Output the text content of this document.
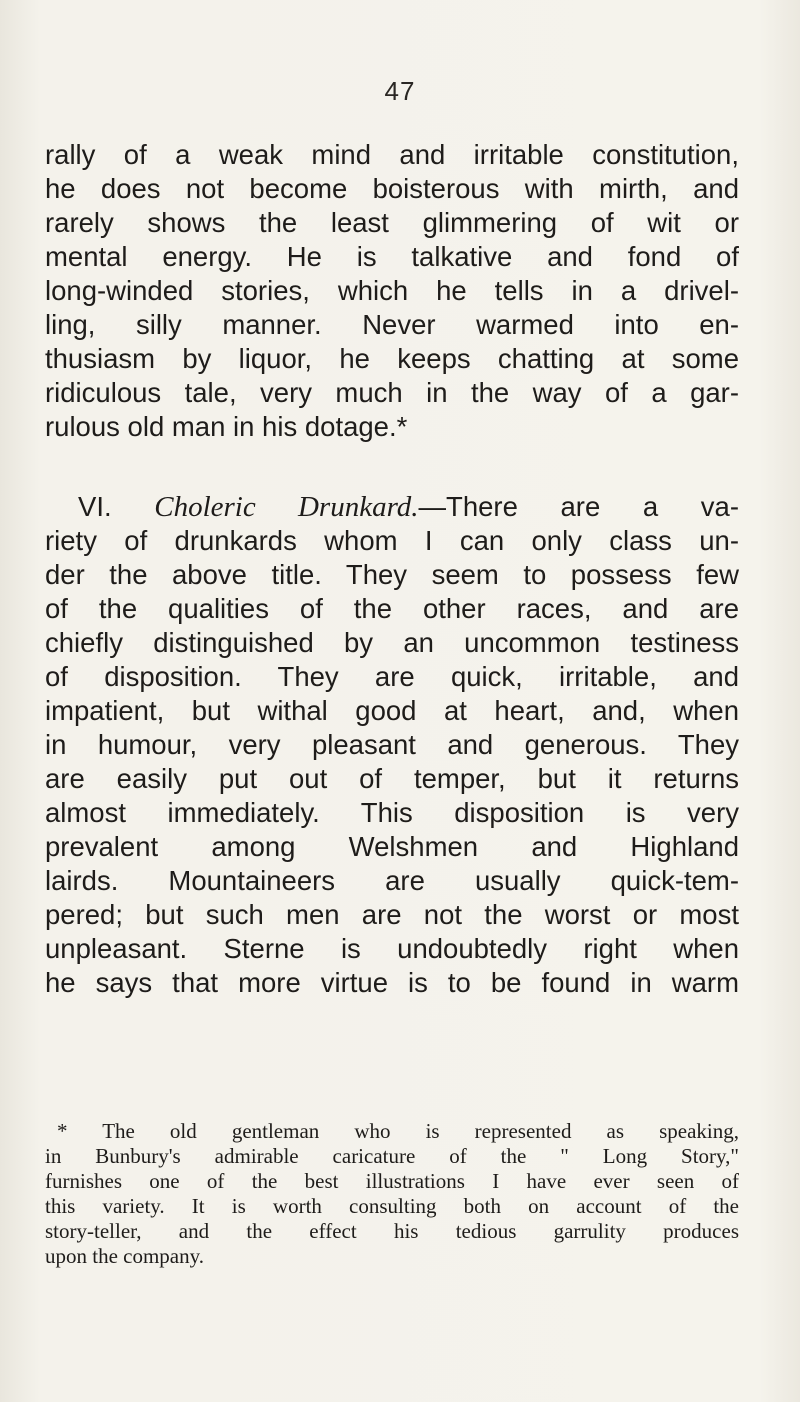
47
rally of a weak mind and irritable constitution,
he does not become boisterous with mirth, and
rarely shows the least glimmering of wit or
mental energy. He is talkative and fond of
long-winded stories, which he tells in a drivel-
ling, silly manner. Never warmed into en-
thusiasm by liquor, he keeps chatting at some
ridiculous tale, very much in the way of a gar-
rulous old man in his dotage.*
VI. Choleric Drunkard.—There are a va-
riety of drunkards whom I can only class un-
der the above title. They seem to possess few
of the qualities of the other races, and are
chiefly distinguished by an uncommon testiness
of disposition. They are quick, irritable, and
impatient, but withal good at heart, and, when
in humour, very pleasant and generous. They
are easily put out of temper, but it returns
almost immediately. This disposition is very
prevalent among Welshmen and Highland
lairds. Mountaineers are usually quick-tem-
pered; but such men are not the worst or most
unpleasant. Sterne is undoubtedly right when
he says that more virtue is to be found in warm
* The old gentleman who is represented as speaking,
in Bunbury's admirable caricature of the " Long Story,"
furnishes one of the best illustrations I have ever seen of
this variety. It is worth consulting both on account of the
story-teller, and the effect his tedious garrulity produces
upon the company.
